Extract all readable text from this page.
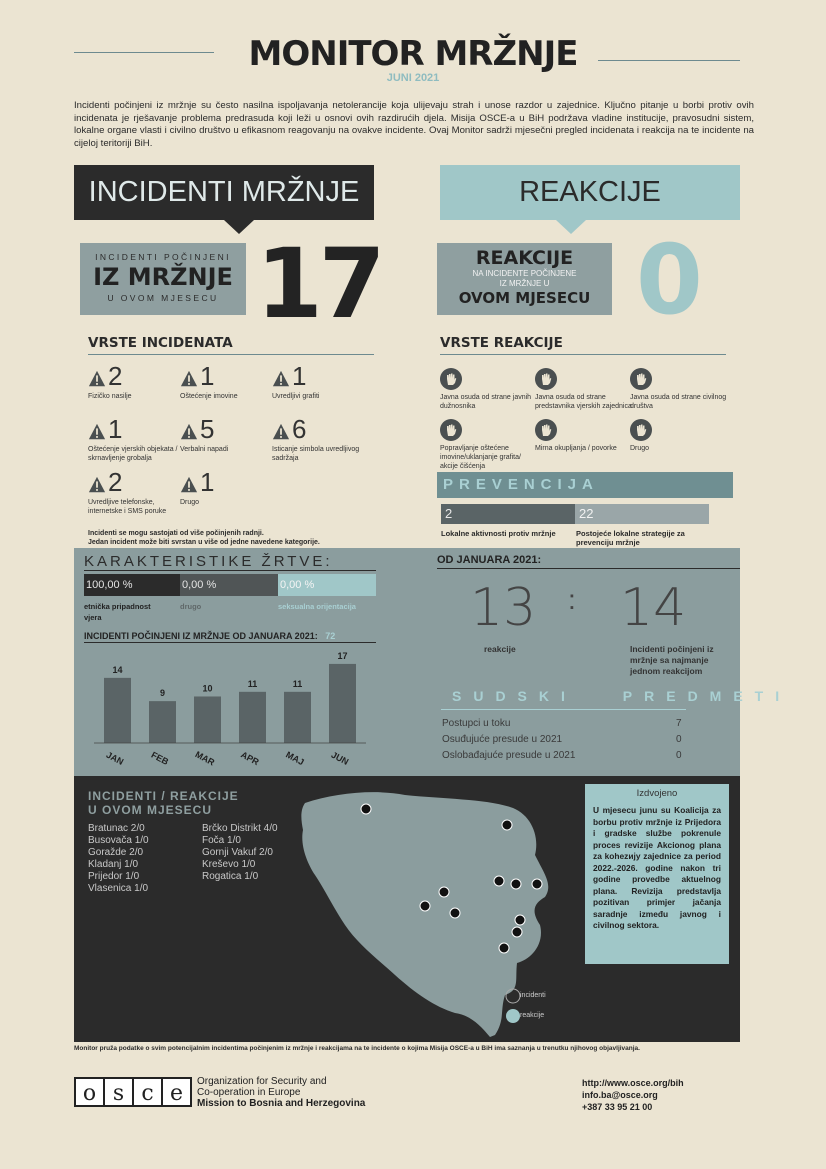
MONITOR MRŽNJE
JUNI 2021
Incidenti počinjeni iz mržnje su često nasilna ispoljavanja netolerancije koja ulijevaju strah i unose razdor u zajednice. Ključno pitanje u borbi protiv ovih incidenata je rješavanje problema predrasuda koji leži u osnovi ovih razdirućih djela. Misija OSCE-a u BiH podržava vladine institucije, pravosudni sistem, lokalne organe vlasti i civilno društvo u efikasnom reagovanju na ovakve incidente. Ovaj Monitor sadrži mjesečni pregled incidenata i reakcija na te incidente na cijeloj teritoriji BiH.
INCIDENTI MRŽNJE	REAKCIJE
INCIDENTI POČINJENI
IZ MRŽNJE
U OVOM MJESECU 17	REAKCIJE
NA INCIDENTE POČINJENE
IZ MRŽNJE U
OVOM MJESECU 0
VRSTE INCIDENATA
2
Fizičko nasilje
1
Oštećenje imovine
1
Uvredljivi grafiti
1
Oštećenje vjerskih objekata / skrnavljenje grobalja
5
Verbalni napadi
6
Isticanje simbola uvredljivog sadržaja
2
Uvredljive telefonske, internetske i SMS poruke
1
Drugo
Incidenti se mogu sastojati od više počinjenih radnji.
Jedan incident može biti svrstan u više od jedne navedene kategorije.
VRSTE REAKCIJE
Javna osuda od strane javnih dužnosnika
Javna osuda od strane predstavnika vjerskih zajednica
Javna osuda od strane civilnog društva
Popravljanje oštećene imovine/uklanjanje grafita/ akcije čišćenja
Mirna okupljanja / povorke	Drugo
PREVENCIJA
2	22
Lokalne aktivnosti protiv mržnje	Postojeće lokalne strategije za prevenciju mržnje
KARAKTERISTIKE ŽRTVE:
100,00 %
etnička pripadnost vjera
0,00 %
drugo
0,00 %
seksualna orijentacija
INCIDENTI POČINJENI IZ MRŽNJE OD JANUARA 2021: 72
14
JAN
9
FEB
10
MAR
11
APR
11
MAJ
17
JUN
OD JANUARA 2021:
13 : 14
reakcije	Incidenti počinjeni iz mržnje sa najmanje jednom reakcijom
SUDSKI PREDMETI
Postupci u toku	7
Osuđujuće presude u 2021	0
Oslobađajuće presude u 2021	0
INCIDENTI / REAKCIJE
U OVOM MJESECU
Bratunac 2/0
Busovača 1/0
Goražde 2/0
Kladanj 1/0
Prijedor 1/0
Vlasenica 1/0
Brčko Distrikt 4/0
Foča 1/0
Gornji Vakuf 2/0
Kreševo 1/0
Rogatica 1/0
incidenti
reakcije
Izdvojeno
U mjesecu junu su Koalicija za borbu protiv mržnje iz Prijedora i gradske službe pokrenule proces revizije Akcionog plana za kohezију zajednice za period 2022.-2026. godine nakon tri godine provedbe aktuelnog plana. Revizija predstavlja pozitivan primjer jačanja saradnje između javnog i civilnog sektora.
Monitor pruža podatke o svim potencijalnim incidentima počinjenim iz mržnje i reakcijama na te incidente o kojima Misija OSCE-a u BiH ima saznanja u trenutku njihovog objavljivanja.
o s c e Organization for Security and
Co-operation in Europe
Mission to Bosnia and Herzegovina
http://www.osce.org/bih
info.ba@osce.org
+387 33 95 21 00
